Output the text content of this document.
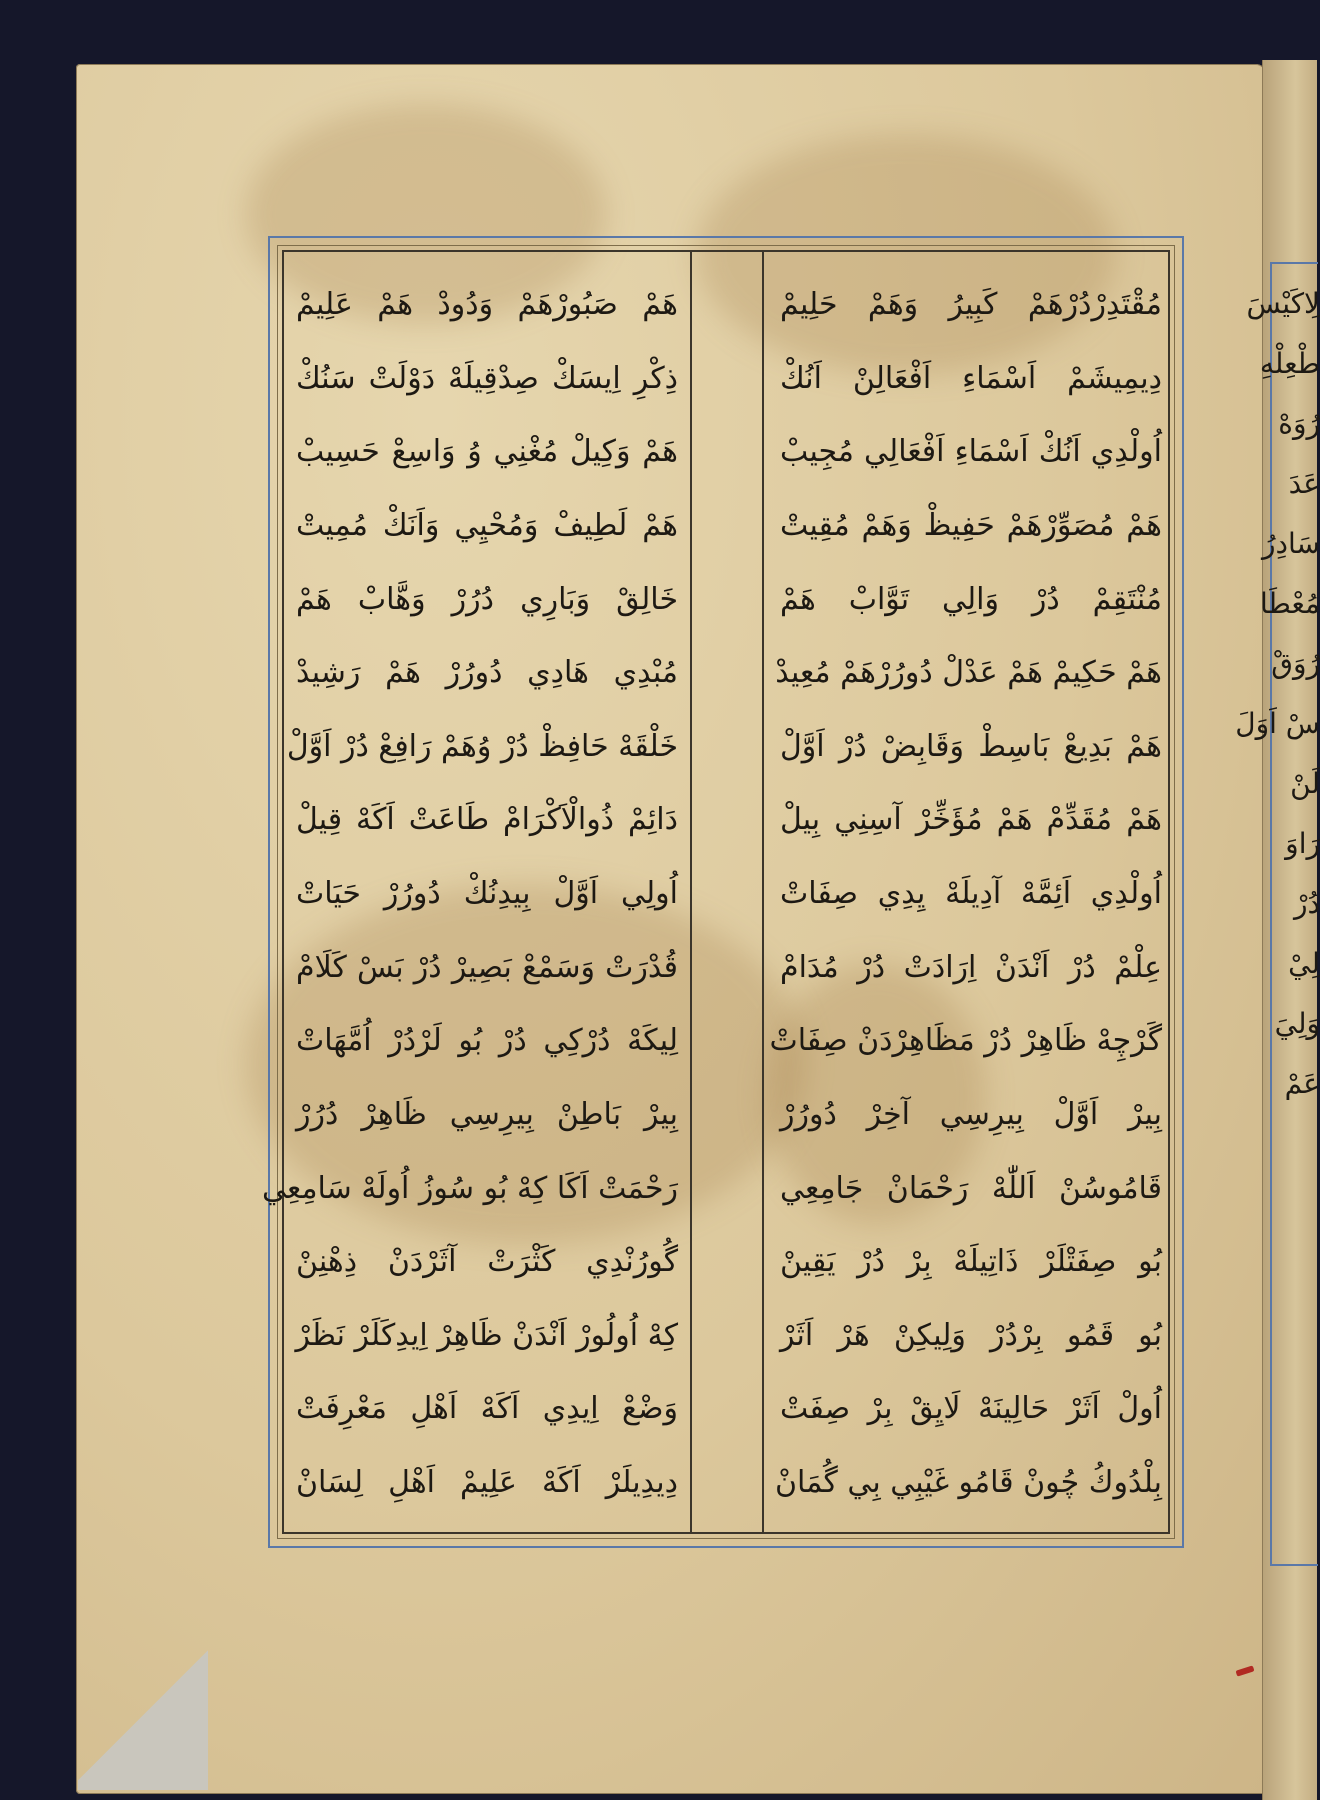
لِاكَيْسَ
طْعِلْهِ
رُوَهْ
عَدَ
سَادِرُ
مُعْطَا
رُوَقْ
سْ اَوَلَ
لَنْ
رَاوَ
دُرْ
لِيْ
وَلِيَ
عَمْ
مُقْتَدِرْدُرْهَمْ كَبِيرُ وَهَمْ حَلِيمْ
دِيمِيشَمْ اَسْمَاءِ اَفْعَالِنْ اَنُكْ
اُولْدِي اَنُكْ اَسْمَاءِ اَفْعَالِي مُجِيبْ
هَمْ مُصَوِّرْهَمْ حَفِيظْ وَهَمْ مُقِيتْ
مُنْتَقِمْ دُرْ وَالِي تَوَّابْ هَمْ
هَمْ حَكِيمْ هَمْ عَدْلْ دُورُرْهَمْ مُعِيدْ
هَمْ بَدِيعْ بَاسِطْ وَقَابِضْ دُرْ اَوَّلْ
هَمْ مُقَدِّمْ هَمْ مُؤَخِّرْ آسِنِي بِيلْ
اُولْدِي اَئِمَّهْ آدِيلَهْ يِدِي صِفَاتْ
عِلْمْ دُرْ اَنْدَنْ اِرَادَتْ دُرْ مُدَامْ
گَرْچِهْ ظَاهِرْ دُرْ مَظَاهِرْدَنْ صِفَاتْ
بِيرْ اَوَّلْ بِيرِسِي آخِرْ دُورُرْ
قَامُوسُنْ اَللّٰهْ رَحْمَانْ جَامِعِي
بُو صِفَتْلَرْ ذَاتِيلَهْ بِرْ دُرْ يَقِينْ
بُو قَمُو بِرْدُرْ وَلِيكِنْ هَرْ اَثَرْ
اُولْ اَثَرْ حَالِينَهْ لَايِقْ بِرْ صِفَتْ
بِلْدُوكُ چُونْ قَامُو غَيْبِي بِي گُمَانْ
هَمْ صَبُورْهَمْ وَدُودْ هَمْ عَلِيمْ
ذِكْرِ اِيسَكْ صِدْقِيلَهْ دَوْلَتْ سَنُكْ
هَمْ وَكِيلْ مُغْنِي وُ وَاسِعْ حَسِيبْ
هَمْ لَطِيفْ وَمُحْيِي وَاَنَكْ مُمِيتْ
خَالِقْ وَبَارِي دُرُرْ وَهَّابْ هَمْ
مُبْدِي هَادِي دُورُرْ هَمْ رَشِيدْ
خَلْقَهْ حَافِظْ دُرْ وُهَمْ رَافِعْ دُرْ اَوَّلْ
دَائِمْ ذُوالْاَكْرَامْ طَاعَتْ اَكَهْ قِيلْ
اُولِي اَوَّلْ بِيدِنُكْ دُورُرْ حَيَاتْ
قُدْرَتْ وَسَمْعْ بَصِيرْ دُرْ بَسْ كَلَامْ
لِيكَهْ دُرْكِي دُرْ بُو لَرْدُرْ اُمَّهَاتْ
بِيرْ بَاطِنْ بِيرِسِي ظَاهِرْ دُرُرْ
رَحْمَتْ اَكَا كِهْ بُو سُوزُ اُولَهْ سَامِعِي
گُورُنْدِي كَثْرَتْ آثَرْدَنْ ذِهْنِنْ
كِهْ اُولُورْ اَنْدَنْ ظَاهِرْ اِيدِكَلَرْ نَظَرْ
وَضْعْ اِيدِي اَكَهْ اَهْلِ مَعْرِفَتْ
دِيدِيلَرْ اَكَهْ عَلِيمْ اَهْلِ لِسَانْ
